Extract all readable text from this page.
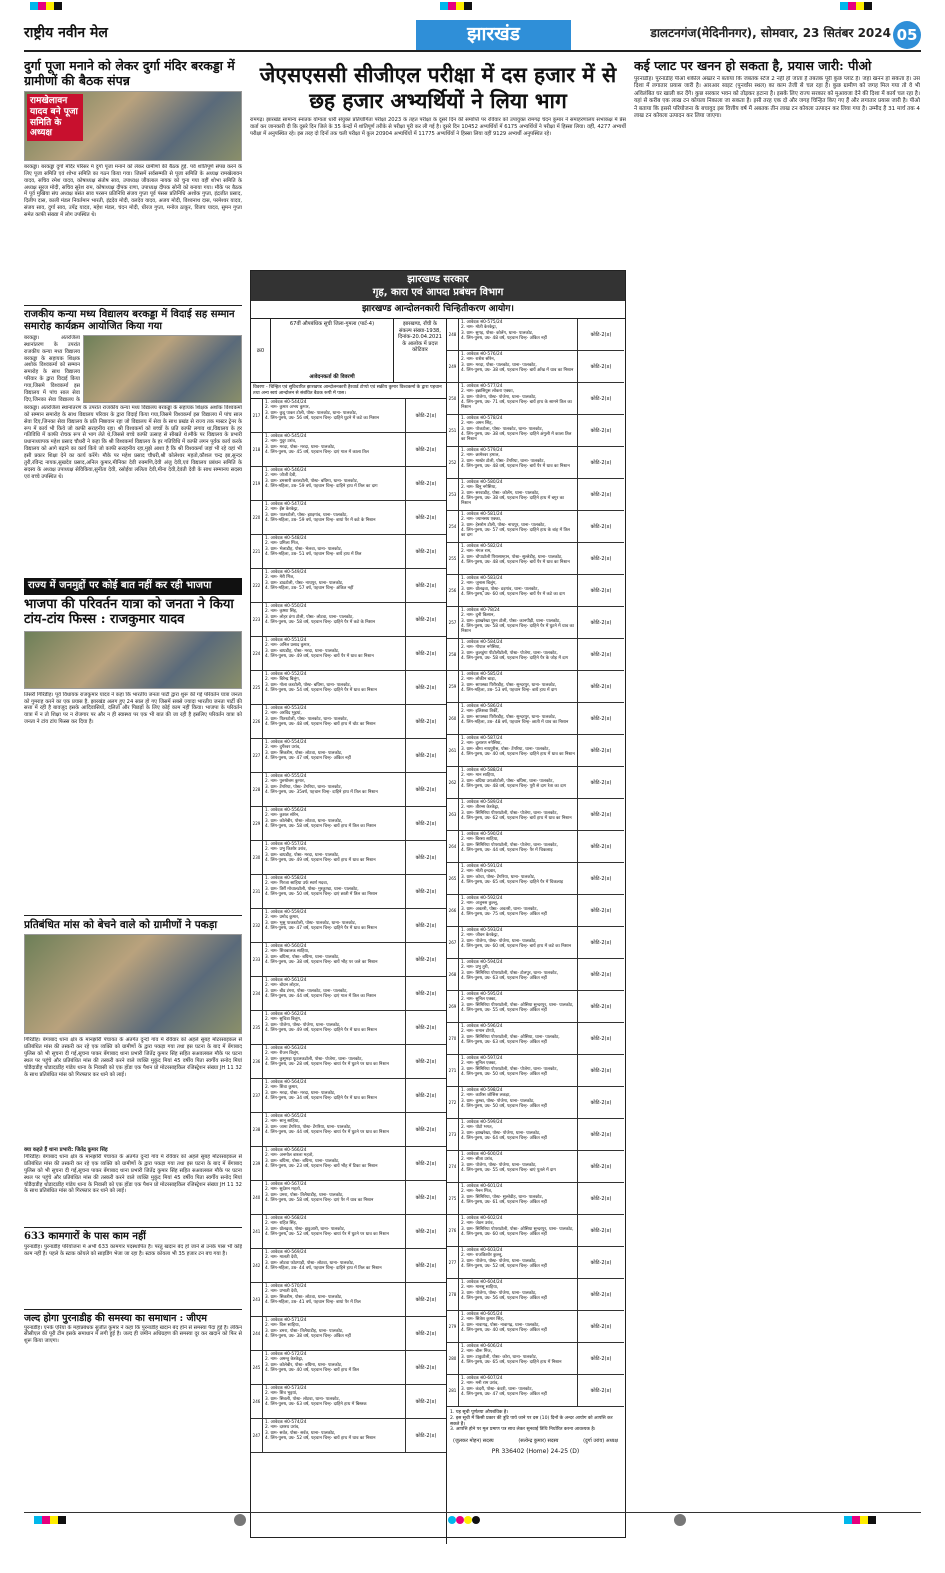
राष्ट्रीय नवीन मेल	झारखंड	डालटनगंज(मेदिनीनगर), सोमवार, 23 सितंबर 2024 05
दुर्गा पूजा मनाने को लेकर दुर्गा मंदिर बरकड्डा में ग्रामीणों की बैठक संपन्न
रामखेलावन यादव बने पूजा समिति के अध्यक्ष
बरकड्डा। बरकड्डा दुर्गा मंदिर परिसर में दुर्गा पूजा मनाने को लेकर ग्रामीणों की बैठक हुई. पर्व शांतिपूर्ण संपन्न करने के लिए पूजा समिति एवं शोभा समिति का गठन किया गया। जिसमें सर्वसम्मति से पूजा समिति के अध्यक्ष रामखेलावन यादव, सचिव रमेश यादव, कोषाध्यक्ष संतोष साव, उपाध्यक्ष जीवलाल नायक को चुना गया वहीं शोभा समिति के अध्यक्ष सूरज मोदी, सचिव सुरेश राम, कोषाध्यक्ष दीपक राणा, उपाध्यक्ष दीपक सोनी को बनाया गया। मौके पर बैठक में पूर्व मुखिया संघ अध्यक्ष बसंत साव परसन प्रतिनिधि संजय गुप्ता पूर्व पंसस प्रतिनिधि अशोक गुप्ता, इंद्रजीत प्रसाद, दिलीप दास, काली मंडल निवर्तमान भारती, इंद्रदेव मोदी, वलदेव यादव, अजय मोदी, विश्वनाथ दास, परमेश्वर यादव, संजय साव, दुर्गा साव, उपेंद्र यादव, महेश मंडल, चंदन मोदी, धीरज गुप्ता, मनोज ठाकुर, विजय यादव, सुमन गुप्ता समेत काफी संख्या में लोग उपस्थित थे।
राजकीय कन्या मध्य विद्यालय बरकड्डा में विदाई सह सम्मान समारोह कार्यक्रम आयोजित किया गया
बरकड्डा। अंतरजिला स्थानांतरण के उपरांत राजकीय कन्या मध्य विद्यालय बरकड्डा के सहायक शिक्षक अशोक विश्वकर्मा को सम्मान समारोह के साथ विद्यालय परिवार के द्वारा विदाई किया गया,जिसमे विश्वकर्मा इस विद्यालय में पांच साल सेवा दिए,जिनका सेवा विद्यालय के
बरकड्डा। अंतरजिला स्थानांतरण के उपरांत राजकीय कन्या मध्य विद्यालय बरकड्डा के सहायक शिक्षक अशोक विश्वकर्मा को सम्मान समारोह के साथ विद्यालय परिवार के द्वारा विदाई किया गया,जिसमे विश्वकर्मा इस विद्यालय में पांच साल सेवा दिए,जिनका सेवा विद्यालय के प्रति निष्ठावान रहा जो विद्यालय में सेवा के साथ प्रखंड से राज्य तक मास्टर ट्रेनर के रूप में कार्य भी किये जो काफी सराहनीय रहा। श्री विश्वकर्मा को बच्चों के प्रति काफी लगाव था,विद्यालय के हर गतिविधि में काफी रोचक रूप से भाग लेते थे,जिससे बच्चे काफी उत्साह से सीखते थे।मौके पर विद्यालय के प्रभारी प्रधानाध्यापक महेश प्रसाद चौधरी ने कहा कि श्री विश्वकर्मा विद्यालय के हर गतिविधि में काफी लगन पूर्वक कार्य करके विद्यालय को आगे बढ़ाने का कार्य किये जो काफी सराहनीय रहा,मुझे आशा है कि श्री विश्वकर्मा जहां भी रहे वहां भी इसी प्रकार शिक्षा देने का कार्य करेंगे। मौके पर महेश प्रसाद चौधरी,श्री कोलेश्वर महतो,कौशल चन्द्र झा,सुन्दर तुरी,रविन्द्र नायक,सुखदेव प्रसाद,अनिल कुमार,मीनिका देवी रुक्मणि,देवी अंजु देवी,एवं विद्यालय प्रबंधन समिति के सदस्य के अध्यक्ष उपाध्यक्ष सेविकिया,सुनीता देवी, रसोईया ललिता देवी,मीना देवी,देवंती देवी के साथ सम्मानय सदस्य एवं बच्चे उपस्थित थे।
राज्य में जनमुद्दों पर कोई बात नहीं कर रही भाजपा
भाजपा की परिवर्तन यात्रा को जनता ने किया टांय-टांय फिस्स : राजकुमार यादव
तिसरी गिरिडीह। पूर्व विधायक राजकुमार यादव ने कहा कि भारतीय जनता पार्टी द्वारा शुरू की गई परिवर्तन यात्रा जनता को गुमराह करने का एक प्रयास है. झारखंड अलग हुए 24 साल हो गए जिसमें सबसे ज्यादा भारतीय जनता पार्टी की सत्ता में रही है बावजूद इसके आदिवासियों, दलितों और पिछड़ों के लिए कोई काम नहीं किया। भाजपा के परिवर्तन यात्रा में न तो शिक्षा पर न रोजगार पर और न ही स्वास्थ्य पर एक भी बात की जा रही है इसलिए परिवर्तन यात्रा को जनता ने टांय टांय फिस्स कर दिया है।
प्रतिबंधित मांस को बेचने वाले को ग्रामीणों ने पकड़ा
गिरिडीह। बेंगाबाद थाना क्षेत्र के मानझोरी पंचायत के अंतर्गत दुन्दो गांव में रविवार को अहले सुबह मोटरसाइकल से प्रतिबंधित मांस की तस्करी कर रहे एक व्यक्ति को ग्रामीणों के द्वारा पकड़ा गया तथा इस घटना के बाद में बेंगाबाद पुलिस को भी सूचना दी गई,सूचना पाकर बेंगाबाद थाना प्रभारी जितेंद्र कुमार सिंह सहित सअवलबल मौके पर घटना स्थल पर पहुंचे और प्रतिबंधित मांस की तस्करी करने वाले व्यक्ति मुकुंद मियां 45 वर्षीय पिता स्वर्गीय सनोद मियां चोडैदाडीह थोडादाडीह गांडेय थाना के निवासी को एक होंडा एक पैशन प्रो मोटरसाइकिल रजिस्ट्रेशन संख्या JH 11 32 के साथ प्रतिबंधित मांस को गिरफ्तार कर थाने को लाई।
क्या कहते हैं थाना प्रभारी: जितेंद्र कुमार सिंह
गिरिडीह। बेंगाबाद थाना क्षेत्र के मानझोरी पंचायत के अंतर्गत दुन्दो गांव में रविवार को अहले सुबह मोटरसाइकल से प्रतिबंधित मांस की तस्करी कर रहे एक व्यक्ति को ग्रामीणों के द्वारा पकड़ा गया तथा इस घटना के बाद में बेंगाबाद पुलिस को भी सूचना दी गई,सूचना पाकर बेंगाबाद थाना प्रभारी जितेंद्र कुमार सिंह सहित सअवलबल मौके पर घटना स्थल पर पहुंचे और प्रतिबंधित मांस की तस्करी करने वाले व्यक्ति मुकुंद मियां 45 वर्षीय पिता स्वर्गीय सनोद मियां चोडैदाडीह थोडादाडीह गांडेय थाना के निवासी को एक होंडा एक पैशन प्रो मोटरसाइकिल रजिस्ट्रेशन संख्या JH 11 32 के साथ प्रतिबंधित मांस को गिरफ्तार कर थाने को लाई।
633 कामगारों के पास काम नहीं
पुरनाडीह। पुरनाडीह परियोजना में अभी 633 कामगार पदस्थापित हैं। परंतु खदान बंद हो जाने से उनके पास भी कोई काम नहीं है। पहले के स्टाक कोयले को साइडिंग भेजा जा रहा है। स्टाक कोयला भी 35 हजार टन बच गया है।
जल्द होगा पुरनाडीह की समस्या का समाधान : जीएम
पुरनाडीह। एनके एरिया के महाप्रबंधक सुजीत कुमार ने कहा कि पुरनाडीह खदान बंद होने से समस्या पैदा हुई है। लेकिन सीसीएल की पूरी टीम इसके समाधान में लगी हुई है। जल्द ही जमीन अधिग्रहण की समस्या दूर कर खदान को फिर से शुरू किया जाएगा।
जेएसएससी सीजीएल परीक्षा में दस हजार में से छह हजार अभ्यर्थियों ने लिया भाग
रामगढ़। झारखंड सामान्य स्नातक योग्यता धारी संयुक्त प्रतियोगिता परीक्षा 2023 के तहत परीक्षा के दूसरे दिन की समाप्ति पर रविवार को उपायुक्त रामगढ़ चंदन कुमार ने समाहरणालय सभाकक्ष में प्रेस वार्ता कर जानकारी दी कि दूसरे दिन जिले के 35 केन्द्रों में शांतिपूर्ण तरीके से परीक्षा पूरी कर ली गई है। दूसरे दिन 10452 अभ्यर्थियों में 6175 अभ्यर्थियों ने परीक्षा में हिस्सा लिया। वहीं, 4277 अभ्यर्थी परीक्षा में अनुपस्थित रहे। इस तरह दो दिनों तक चली परीक्षा में कुल 20904 अभ्यर्थियों में 11775 अभ्यर्थियों ने हिस्सा लिया वहीं 9129 अभ्यर्थी अनुपस्थित रहे।
झारखण्ड सरकार
गृह, कारा एवं आपदा प्रबंधन विभाग
झारखण्ड आन्दोलनकारी चिन्हितीकरण आयोग।
क्र0
67वीं औपबंधिक सूची जिला-गुमला (पार्ट-4)
आवेदनकर्ता की विवरणी
झारखण्ड, राँची के संकल्प संख्या-1938, दिनांक-20.04.2021 के आलोक में प्रदत्त कोटिवार
विवरण - चिन्हित एवं सुविचारित झारखण्ड आन्दोलनकारी हैरवार्ड टोप्पो एवं सक्रीय कुमार विश्वकर्मा के द्वारा पहचान तथा अन्य स्वयं आन्दोलन से संबंधित बैठक रूपी में पास।
217
1. आवेदक सं0-544/24
2. नाम- कुमार अभय कुमार,
3. ग्राम- कुदु पाकर टोली, पोस्ट- पालकोट, थाना- पालकोट,
4. लिंग-पुरुष, उम्र- 56 वर्ष, पहचान चिन्ह- दाहिने घुटने में कटे का निशान	कोटि-2(x)
218
1. आवेदक सं0-545/24
2. नाम- गुदुर उरांव,
3. ग्राम- मरदा, पोस्ट- मरदा, थाना- पालकोट,
4. लिंग-पुरुष, उम्र- 45 वर्ष, पहचान चिन्ह- दाएं गाल में काला तिल	कोटि-2(x)
219
1. आवेदक सं0-546/24
2. नाम- जोजी देवी,
3. ग्राम- डमसारी करलटोली, पोस्ट- बघिमा, थाना- पालकोट,
4. लिंग-महिला, उम्र- 59 वर्ष, पहचान चिन्ह- दाहिने हाथ में तिल का दाग	कोटि-2(x)
220
1. आवेदक सं0-547/24
2. नाम- ईंस केरकेट्टा,
3. ग्राम- पातरटोली, पोस्ट- झाड़गांव, थाना- पालकोट,
4. लिंग-महिला, उम्र- 59 वर्ष, पहचान चिन्ह- बायां पैर में कटे के निशान	कोटि-2(x)
221
1. आवेदक सं0-548/24
2. नाम- प्रमिला मिंज,
3. ग्राम- भेलाडीह, पोस्ट- भेलवा, थाना- पालकोट,
4. लिंग-महिला, उम्र- 51 वर्ष, पहचान चिन्ह- बायें हाथ में तिल	कोटि-2(x)
222
1. आवेदक सं0-549/24
2. नाम- मेरी मिंज,
3. ग्राम- डाडटोली, पोस्ट- नाथपुर, थाना- पालकोट,
4. लिंग-महिला, उम्र- 57 वर्ष, पहचान चिन्ह- अंकित नहीं	कोटि-2(x)
223
1. आवेदक सं0-550/24
2. नाम- कृष्णा सिंह,
3. ग्राम- लोहर डंगा टोली, पोस्ट- लोटवा, थाना- पालकोट,
4. लिंग-पुरुष, उम्र- 58 वर्ष, पहचान चिन्ह- दाहिने पैर में कटे के निशान	कोटि-2(x)
224
1. आवेदक सं0-551/24
2. नाम- अनिल प्रसाद कुमार,
3. ग्राम- बाघडीह, पोस्ट- मरदा, थाना- पालकोट,
4. लिंग-पुरुष, उम्र- 49 वर्ष, पहचान चिन्ह- बायें पैर में धाव का निशान	कोटि-2(x)
225
1. आवेदक सं0-552/24
2. नाम- बिरेन्द्र बिलुंग,
3. ग्राम- गोला करटोली, पोस्ट- बघिमा, थाना- पालकोट,
4. लिंग-पुरुष, उम्र- 54 वर्ष, पहचान चिन्ह- दाहिने पैर में धाव का निशान	कोटि-2(x)
226
1. आवेदक सं0-553/24
2. नाम- अरविंद भुइयां,
3. ग्राम- पितरटोली, पोस्ट- पालकोट, थाना- पालकोट,
4. लिंग-पुरुष, उम्र- 48 वर्ष, पहचान चिन्ह- बायें हाथ में चोट का निशान	कोटि-2(x)
227
1. आवेदक सं0-554/24
2. नाम- दुर्गेश्वर उरांव,
3. ग्राम- सिकरीम, पोस्ट- लोटवा, थाना- पालकोट,
4. लिंग-पुरुष, उम्र- 47 वर्ष, पहचान चिन्ह- अंकित नहीं	कोटि-2(x)
228
1. आवेदक सं0-555/24
2. नाम- पुरुषोत्तम कुमार,
3. ग्राम- टेंगरिया, पोस्ट- टेंगरिया, थाना- पालकोट,
4. लिंग-पुरुष, उम्र- 35वर्ष, पहचान चिन्ह- दाहिने हाथ में तिल का निशान	कोटि-2(x)
229
1. आवेदक सं0-556/24
2. नाम- कुशल सोरेन,
3. ग्राम- कोलेबीर, पोस्ट- लोटवा, थाना- पालकोट,
4. लिंग-पुरुष, उम्र- 58 वर्ष, पहचान चिन्ह- बायें हाथ में तिल का निशान	कोटि-2(x)
230
1. आवेदक सं0-557/24
2. नाम- प्रभु किशोर उरांव,
3. ग्राम- बाघडीह, पोस्ट- मरदा, थाना- पालकोट,
4. लिंग-पुरुष, उम्र- 49 वर्ष, पहचान चिन्ह- बायें हाथ में धाव का निशान	कोटि-2(x)
231
1. आवेदक सं0-558/24
2. नाम- गिरजा साहिया उर्फ स्वर्ण मदवा,
3. ग्राम- तिर्री मोचालटोली, पोस्ट- मुरकुण्डा, थाना- पालकोट,
4. लिंग-पुरुष, उम्र- 50 वर्ष, पहचान चिन्ह- दाएं छाती में तिल का निशान	कोटि-2(x)
232
1. आवेदक सं0-559/24
2. नाम- प्रमोद कुमार,
3. ग्राम- भुसु पाकरटोली, पोस्ट- पालकोट, थाना- पालकोट,
4. लिंग-पुरुष, उम्र- 47 वर्ष, पहचान चिन्ह- दाहिने पैर में धाव का निशान	कोटि-2(x)
233
1. आवेदक सं0-560/24
2. नाम- शिवबालक साहिया,
3. ग्राम- बघिमा, पोस्ट- बघिमा, थाना- पालकोट,
4. लिंग-पुरुष, उम्र- 38 वर्ष, पहचान चिन्ह- बायें भौंह पर जले का निशान	कोटि-2(x)
234
1. आवेदक सं0-561/24
2. नाम- बोधन लोहार,
3. ग्राम- बीड टंगरा, पोस्ट- पालकोट, थाना- पालकोट,
4. लिंग-पुरुष, उम्र- 44 वर्ष, पहचान चिन्ह- दाएं गाल में तिल का निशान	कोटि-2(x)
235
1. आवेदक सं0-562/24
2. नाम- सुचित्रा बिलुंग,
3. ग्राम- पोजेगा, पोस्ट- पोजेगा, थाना- पालकोट,
4. लिंग-पुरुष, उम्र- 49 वर्ष, पहचान चिन्ह- दाहिने पैर में धाव का निशान	कोटि-2(x)
236
1. आवेदक सं0-563/24
2. नाम- रीजन बिलुंग,
3. ग्राम- कुसुमड़ा फूटलकटोली, पोस्ट- पोजेगा, थाना- पालकोट,
4. लिंग-पुरुष, उम्र- 28 वर्ष, पहचान चिन्ह- बायां पैर में घुटने पर धाव का निशान	कोटि-2(x)
237
1. आवेदक सं0-564/24
2. नाम- शिवा कुमार,
3. ग्राम- मरदा, पोस्ट- मरदा, थाना- पालकोट,
4. लिंग-पुरुष, उम्र- 34 वर्ष, पहचान चिन्ह- दाहिने पैर में धाव का निशान	कोटि-2(x)
238
1. आवेदक सं0-565/24
2. नाम- सानू साहिया,
3. ग्राम- जामा टेंगरिया, पोस्ट- टेंगरिया, थाना- पालकोट,
4. लिंग-पुरुष, उम्र- 44 वर्ष, पहचान चिन्ह- बायां पैर में घुटने पर धाव का निशान	कोटि-2(x)
239
1. आवेदक सं0-566/24
2. नाम- अनमोल बारला महतो,
3. ग्राम- बघिमा, पोस्ट- बघिमा, थाना- पालकोट,
4. लिंग-पुरुष, उम्र- 23 वर्ष, पहचान चिन्ह- बायें भौंह में टिका का निशान	कोटि-2(x)
240
1. आवेदक सं0-567/24
2. नाम- सुर्दशन महतो,
3. ग्राम- उमरा, पोस्ट- तिलैयाडीह, थाना- पालकोट,
4. लिंग-पुरुष, उम्र- 58 वर्ष, पहचान चिन्ह- दाएं पैर में धाव का निशान	कोटि-2(x)
241
1. आवेदक सं0-568/24
2. नाम- राहित सिंह,
3. ग्राम- ग्रोलढ़ुवा, पोस्ट- झडुआरी, थाना- पालकोट,
4. लिंग-पुरुष, उम्र- 52 वर्ष, पहचान चिन्ह- बायां पैर में घुटने पर धाव का निशान	कोटि-2(x)
242
1. आवेदक सं0-569/24
2. नाम- मालती देवी,
3. ग्राम- लोटवा फोटगाड़ी, पोस्ट- लोटवा, थाना- पालकोट,
4. लिंग-महिला, उम्र- 44 वर्ष, पहचान चिन्ह- दाहिने हाथ में तिल का निशान	कोटि-2(x)
243
1. आवेदक सं0-570/24
2. नाम- प्रभाती देवी,
3. ग्राम- सिकरीम, पोस्ट- लोटवा, थाना- पालकोट,
4. लिंग-महिला, उम्र- 41 वर्ष, पहचान चिन्ह- बायां पैर में तिल	कोटि-2(x)
244
1. आवेदक सं0-571/24
2. नाम- विरू साहिया,
3. ग्राम- डमरा, पोस्ट- तिलैयाडीह, थाना- पालकोट,
4. लिंग-पुरुष, उम्र- 38 वर्ष, पहचान चिन्ह- अंकित नहीं	कोटि-2(x)
245
1. आवेदक सं0-572/24
2. नाम- अमन्तु केरकेट्टा,
3. ग्राम- कोलेबीर, पोस्ट- बघिमा, थाना- पालकोट,
4. लिंग-पुरुष, उम्र- 40 वर्ष, पहचान चिन्ह- बायें हाथ में तिल	कोटि-2(x)
246
1. आवेदक सं0-573/24
2. नाम- शिव भुइयां,
3. ग्राम- सिवली, पोस्ट- लोटवा, थाना- पालकोट,
4. लिंग-पुरुष, उम्र- 63 वर्ष, पहचान चिन्ह- दाहिने हाथ में बिस्तक	कोटि-2(x)
247
1. आवेदक सं0-574/24
2. नाम- दशरथ उरांव,
3. ग्राम- सर्वत, पोस्ट- सर्वत, थाना- पालकोट,
4. लिंग-पुरुष, उम्र- 52 वर्ष, पहचान चिन्ह- बायें हाथ में घाव का निशान	कोटि-2(x)
248
1. आवेदक सं0-575/24
2. नाम- मोती केरकेट्टा,
3. ग्राम- सुगड़, पोस्ट- कोलेंग, थाना- पालकोट,
4. लिंग-पुरुष, उम्र- 48 वर्ष, पहचान चिन्ह- अंकित नहीं
कोटि-2(x)
249
1. आवेदक सं0-576/24
2. नाम- राशेश सोरेन,
3. ग्राम- मरदा, पोस्ट- पालकोट, थाना- पालकोट,
4. लिंग-पुरुष, उम्र- 38 वर्ष, पहचान चिन्ह- बायें आँख में धाव का निशान
कोटि-2(x)
250
1. आवेदक सं0-577/24
2. नाम- इन्नासियुस लोकरा एक्का,
3. ग्राम- पोजेगा, पोस्ट- पोजेगा, थाना- पालकोट,
4. लिंग-पुरुष, उम्र- 71 वर्ष, पहचान चिन्ह- बायें हाथ के सामने तिल का निशान
कोटि-2(x)
251
1. आवेदक सं0-578/24
2. नाम- अमन सिंह,
3. ग्राम- पोजटोला, पोस्ट- पालकोट, थाना- पालकोट,
4. लिंग-पुरुष, उम्र- 38 वर्ष, पहचान चिन्ह- दाहिने अंगुली में काला तिल का निशान
कोटि-2(x)
252
1. आवेदक सं0-579/24
2. नाम- छामेश्वर हमाल,
3. ग्राम- मास्टेर टोली, पोस्ट- टेंगरिया, थाना- पालकोट,
4. लिंग-पुरुष, उम्र- 48 वर्ष, पहचान चिन्ह- बायें पैर में धाव का निशान
कोटि-2(x)
253
1. आवेदक सं0-580/24
2. नाम- बिनु नगेसिया,
3. ग्राम- सरवाडीह, पोस्ट- कोलेंग, थाना- पालकोट,
4. लिंग-पुरुष, उम्र- 38 वर्ष, पहचान चिन्ह- दाहिने हाथ में बगुर का निशान
कोटि-2(x)
254
1. आवेदक सं0-581/24
2. नाम- ज्यानसय एक्का,
3. ग्राम- हेसरोम टोली, पोस्ट- नाथपुर, थाना- पालकोट,
4. लिंग-पुरुष, उम्र- 57 वर्ष, पहचान चिन्ह- दाहिने हाथ के बांह में तिल का दाग
कोटि-2(x)
255
1. आवेदक सं0-582/24
2. नाम- मंगल राम,
3. ग्राम- चौपाटोली पिरासाम्हान, पोस्ट- सुल्तेडीह, थाना- पालकोट,
4. लिंग-पुरुष, उम्र- 48 वर्ष, पहचान चिन्ह- बायें पैर में धाव का निशान
कोटि-2(x)
256
1. आवेदक सं0-583/24
2. नाम- जुनास बिलुंग,
3. ग्राम- ग्रोलढ़ुवा, पोस्ट- डड़गांव, थाना- पालकोट,
4. लिंग-पुरुष, उम्र- 60 वर्ष, पहचान चिन्ह- बायें पैर में कटे का दाग
कोटि-2(x)
257
1. आवेदक सं0-78/24
2. नाम- दुनी किसान,
3. ग्राम- झाखरेखा पुरन टोली, पोस्ट- कानपीड़ी, थाना- पालकोट,
4. लिंग-पुरुष, उम्र- 58 वर्ष, पहचान चिन्ह- दाहिने पैर में घुटने में धाव का निशान
कोटि-2(x)
258
1. आवेदक सं0-584/24
2. नाम- गोपाल नगेसिया,
3. ग्राम- कुलडुंगा पीटोलीटोली, पोस्ट- पोजेगा, थाना- पालकोट,
4. लिंग-पुरुष, उम्र- 58 वर्ष, पहचान चिन्ह- दाहिने पैर के जोड़ में दाग
कोटि-2(x)
259
1. आवेदक सं0-585/24
2. नाम- लोकीन बाड़ा,
3. ग्राम- सापस्का पिरीरडीह, पोस्ट- सुन्दरपुर, थाना- पालकोट,
4. लिंग-महिला, उम्र- 53 वर्ष, पहचान चिन्ह- बायें हाथ में दाग
कोटि-2(x)
260
1. आवेदक सं0-586/24
2. नाम- इलिशबा तिर्की,
3. ग्राम- सापस्का पिरीरडीह, पोस्ट- सुन्दरपुर, थाना- पालकोट,
4. लिंग-महिला, उम्र- 48 वर्ष, पहचान चिन्ह- छाती में धाव का निशान
कोटि-2(x)
261
1. आवेदक सं0-587/24
2. नाम- दुलारण नगेसिया,
3. ग्राम- बीमा नायपुरीस, पोस्ट- टेंगरिया, थाना- पालकोट,
4. लिंग-पुरुष, उम्र- 40 वर्ष, पहचान चिन्ह- दाहिने हाथ में धाव का निशान
कोटि-2(x)
262
1. आवेदक सं0-588/24
2. नाम- मान साहिया,
3. ग्राम- बधिया उराओटोली, पोस्ट- बघिमा, थाना- पालकोट,
4. लिंग-पुरुष, उम्र- 48 वर्ष, पहचान चिन्ह- पूरी से दाग रेता का दाग
कोटि-2(x)
263
1. आवेदक सं0-589/24
2. नाम- तीरन्स केरकेट्टा,
3. ग्राम- सिमिरिया पीपराटोली, पोस्ट- पोजेगा, थाना- पालकोट,
4. लिंग-पुरुष, उम्र- 62 वर्ष, पहचान चिन्ह- बायें हाथ में धाव का निशान
कोटि-2(x)
264
1. आवेदक सं0-590/24
2. नाम- बिरसा साहिया,
3. ग्राम- सिमिरिया पोपराटोली, पोस्ट- पोजेगा, थाना- पालकोट,
4. लिंग-पुरुष, उम्र- 44 वर्ष, पहचान चिन्ह- पैर में चिकलाड़
कोटि-2(x)
265
1. आवेदक सं0-591/24
2. नाम- मोती इन्दवार,
3. ग्राम- कोचा, पोस्ट- टेंगरिया, थाना- पालकोट,
4. लिंग-पुरुष, उम्र- 65 वर्ष, पहचान चिन्ह- दाहिने पैर में चिकलाड़
कोटि-2(x)
266
1. आवेदक सं0-592/24
2. नाम- अजुनस कुल्लू,
3. ग्राम- अवतरी, पोस्ट- अवतरी, थाना- पालकोट,
4. लिंग-पुरुष, उम्र- 75 वर्ष, पहचान चिन्ह- अंकित नहीं
कोटि-2(x)
267
1. आवेदक सं0-593/24
2. नाम- जीवन केरकेट्टा,
3. ग्राम- पोजेगा, पोस्ट- पोजेगा, थाना- पालकोट,
4. लिंग-पुरुष, उम्र- 60 वर्ष, पहचान चिन्ह- बायें हाथ में कटे का निशान
कोटि-2(x)
268
1. आवेदक सं0-594/24
2. नाम- प्रभु तुरी,
3. ग्राम- सिमिरिया पोपराटोली, पोस्ट- टोलपुर, थाना- पालकोट,
4. लिंग-पुरुष, उम्र- 63 वर्ष, पहचान चिन्ह- अंकित नहीं
कोटि-2(x)
269
1. आवेदक सं0-595/24
2. नाम- सुनिल एक्का,
3. ग्राम- सिमिरिया पीपराटोली, पोस्ट- ओसिया सुन्दरपुर, थाना- पालकोट,
4. लिंग-पुरुष, उम्र- 55 वर्ष, पहचान चिन्ह- अंकित नहीं
कोटि-2(x)
270
1. आवेदक सं0-596/24
2. नाम- रामान टोप्पो,
3. ग्राम- सिमिरिया पोपराटोली, पोस्ट- ओसिया, थाना- पालकोट,
4. लिंग-पुरुष, उम्र- 63 वर्ष, पहचान चिन्ह- अंकित नहीं
कोटि-2(x)
271
1. आवेदक सं0-597/24
2. नाम- सुनिल एक्का,
3. ग्राम- सिमिरिया पोपराटोली, पोस्ट- पोजेगा, थाना- पालकोट,
4. लिंग-पुरुष, उम्र- 50 वर्ष, पहचान चिन्ह- अंकित नहीं
कोटि-2(x)
272
1. आवेदक सं0-598/24
2. नाम- कारिस जोसिस लकड़ा,
3. ग्राम- कुम्बा, पोस्ट- पोजेगा, थाना- पालकोट,
4. लिंग-पुरुष, उम्र- 50 वर्ष, पहचान चिन्ह- अंकित नहीं
कोटि-2(x)
273
1. आवेदक सं0-599/24
2. नाम- पोटो भगत,
3. ग्राम- झाखरेखा, पोस्ट- पोजेगा, थाना- पालकोट,
4. लिंग-पुरुष, उम्र- 64 वर्ष, पहचान चिन्ह- अंकित नहीं
कोटि-2(x)
274
1. आवेदक सं0-600/24
2. नाम- सीता उरांव,
3. ग्राम- पोजेगा, पोस्ट- पोजेगा, थाना- पालकोट,
4. लिंग-पुरुष, उम्र- 55 वर्ष, पहचान चिन्ह- बाएं पुतले में दाग
कोटि-2(x)
275
1. आवेदक सं0-601/24
2. नाम- नैनन मिंज,
3. ग्राम- सिमिरिया, पोस्ट- सुल्तेडीह, थाना- पालकोट,
4. लिंग-पुरुष, उम्र- 61 वर्ष, पहचान चिन्ह- अंकित नहीं
कोटि-2(x)
276
1. आवेदक सं0-602/24
2. नाम- जेठन उरांव,
3. ग्राम- सिमिरिया पोपराटोली, पोस्ट- ओसिया सुन्दरपुर, थाना- पालकोट,
4. लिंग-पुरुष, उम्र- 60 वर्ष, पहचान चिन्ह- अंकित नहीं
कोटि-2(x)
277
1. आवेदक सं0-603/24
2. नाम- राजकिशोर कुल्लू,
3. ग्राम- पोजेगा, पोस्ट- पोजेगा, थाना- पालकोट,
4. लिंग-पुरुष, उम्र- 52 वर्ष, पहचान चिन्ह- अंकित नहीं
कोटि-2(x)
278
1. आवेदक सं0-604/24
2. नाम- मानसू साहिया,
3. ग्राम- पोजेगा, पोस्ट- पोजेगा, थाना- पालकोट,
4. लिंग-पुरुष, उम्र- 56 वर्ष, पहचान चिन्ह- अंकित नहीं
कोटि-2(x)
279
1. आवेदक सं0-605/24
2. नाम- सितेश कुमार सिंह,
3. ग्राम- नावागढ़, पोस्ट- नावागढ़, थाना- पालकोट,
4. लिंग-पुरुष, उम्र- 40 वर्ष, पहचान चिन्ह- अंकित नहीं
कोटि-2(x)
280
1. आवेदक सं0-606/24
2. नाम- बीरू मिंज,
3. ग्राम- टाकुटोली, पोस्ट- कोरा, थाना- पालकोट,
4. लिंग-पुरुष, उम्र- 65 वर्ष, पहचान चिन्ह- दाहिने हाथ में निशान
कोटि-2(x)
281
1. आवेदक सं0-607/24
2. नाम- मनी राम उरांव,
3. ग्राम- कंदरी, पोस्ट- कंदरी, थाना- पालकोट,
4. लिंग-पुरुष, उम्र- 47 वर्ष, पहचान चिन्ह- अंकित नहीं
कोटि-2(x)
1. यह सूची पूर्णतया औपबंधिक है।
2. इस सूची में किसी प्रकार की त्रुटि पाये जाने पर दस (10) दिनों के अन्दर आयोग को आपत्ति कर सकते हैं।
3. आपत्ति होने पर मूल प्रमाण पत्र साथ लेकर सुनवाई तिथि निर्धारित करना आवश्यक है।
(जुलकर मोहन) सदस्य	(सत्येन्द्र कुमार) सदस्य	(दुर्गा उरांव) अध्यक्ष
PR 336402 (Home) 24-25 (D)
कई प्लाट पर खनन हो सकता है, प्रयास जारी: पीओ
पुरनाडीह। पुरनाडीह पीओ शकील अख्तर ने बताया कि जबतक स्टेज 2 नहीं हो जाता है तबतक पूरी कुछ प्लाट है। जहां खनन हो सकता है। उस दिशा में लगातार प्रयास जारी है। आरआर साइट (पुनर्वास स्थल) का काम तेजी से चल रहा है। कुछ ग्रामीण को जगह मिल गया तो वे भी अविलंबित घर खाली कर देंगे। कुछ सरकार भवन को तोड़कर हटाना है। इसके लिए राज्य सरकार को मुआवजा देने की दिशा में कार्य चल रहा है। यहां से करीब एक लाख टन कोयला निकाला जा सकता है। इसी तरह एक दो और जगह चिन्हित किए गए हैं और लगातार प्रयास जारी है। पीओ ने बताया कि इससे परियोजना के बचावुद इस वित्तीय वर्ष में अबतक तीन लाख टन कोयला उत्पादन कर लिया गया है। उम्मीद है 31 मार्च तक 4 लाख टन कोयला उत्पादन कर लिया जाएगा।
